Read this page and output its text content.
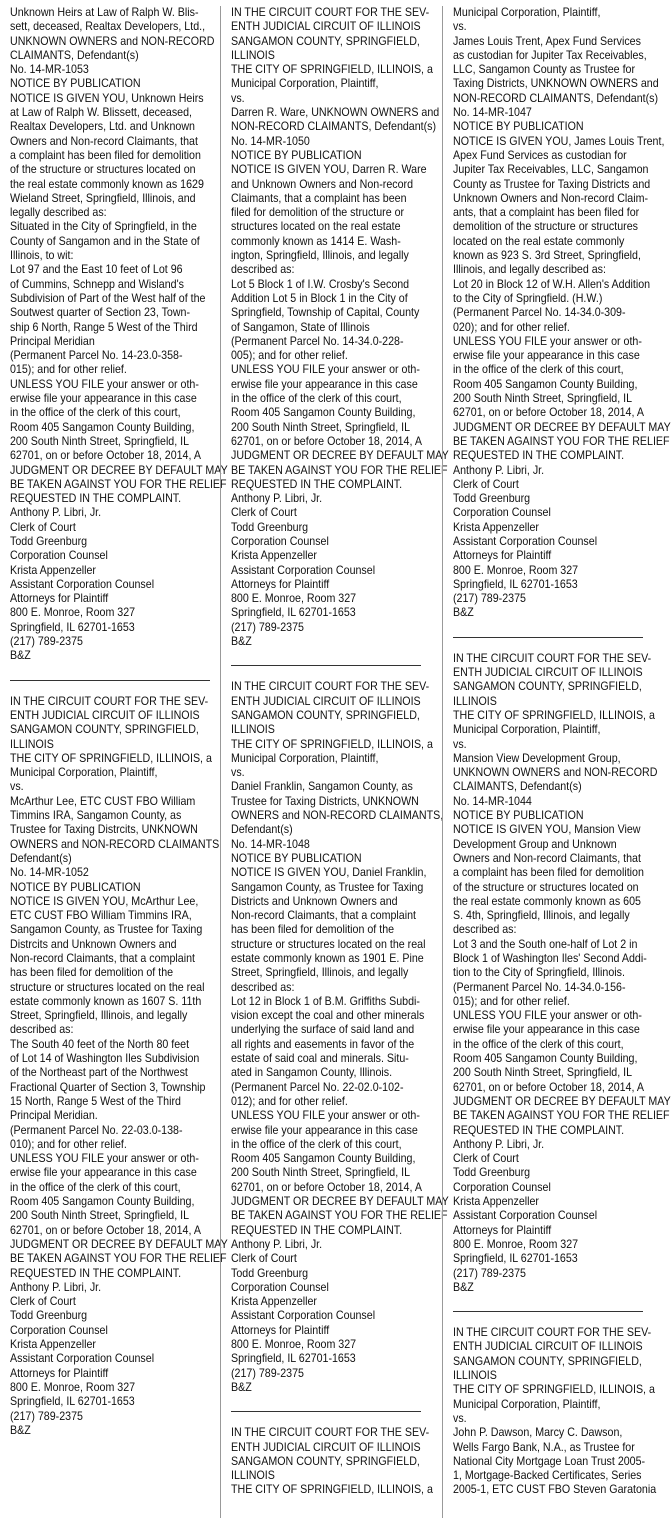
Unknown Heirs at Law of Ralph W. Blis-
sett, deceased, Realtax Developers, Ltd.,
UNKNOWN OWNERS and NON-RECORD
CLAIMANTS, Defendant(s)
No. 14-MR-1053
NOTICE BY PUBLICATION
NOTICE IS GIVEN YOU, Unknown Heirs
at Law of Ralph W. Blissett, deceased,
Realtax Developers, Ltd. and Unknown
Owners and Non-record Claimants, that
a complaint has been filed for demolition
of the structure or structures located on
the real estate commonly known as 1629
Wieland Street, Springfield, Illinois, and
legally described as:
Situated in the City of Springfield, in the
County of Sangamon and in the State of
Illinois, to wit:
Lot 97 and the East 10 feet of Lot 96
of Cummins, Schnepp and Wisland's
Subdivision of Part of the West half of the
Soutwest quarter of Section 23, Town-
ship 6 North, Range 5 West of the Third
Principal Meridian
(Permanent Parcel No. 14-23.0-358-
015); and for other relief.
UNLESS YOU FILE your answer or oth-
erwise file your appearance in this case
in the office of the clerk of this court,
Room 405 Sangamon County Building,
200 South Ninth Street, Springfield, IL
62701, on or before October 18, 2014, A
JUDGMENT OR DECREE BY DEFAULT MAY
BE TAKEN AGAINST YOU FOR THE RELIEF
REQUESTED IN THE COMPLAINT.
Anthony P. Libri, Jr.
Clerk of Court
Todd Greenburg
Corporation Counsel
Krista Appenzeller
Assistant Corporation Counsel
Attorneys for Plaintiff
800 E. Monroe, Room 327
Springfield, IL 62701-1653
(217) 789-2375
B&Z
IN THE CIRCUIT COURT FOR THE SEV-
ENTH JUDICIAL CIRCUIT OF ILLINOIS
SANGAMON COUNTY, SPRINGFIELD,
ILLINOIS
THE CITY OF SPRINGFIELD, ILLINOIS, a
Municipal Corporation, Plaintiff,
vs.
McArthur Lee, ETC CUST FBO William
Timmins IRA, Sangamon County, as
Trustee for Taxing Distrcits, UNKNOWN
OWNERS and NON-RECORD CLAIMANTS
Defendant(s)
No. 14-MR-1052
NOTICE BY PUBLICATION
NOTICE IS GIVEN YOU, McArthur Lee,
ETC CUST FBO William Timmins IRA,
Sangamon County, as Trustee for Taxing
Distrcits and Unknown Owners and
Non-record Claimants, that a complaint
has been filed for demolition of the
structure or structures located on the real
estate commonly known as 1607 S. 11th
Street, Springfield, Illinois, and legally
described as:
The South 40 feet of the North 80 feet
of Lot 14 of Washington Iles Subdivision
of the Northeast part of the Northwest
Fractional Quarter of Section 3, Township
15 North, Range 5 West of the Third
Principal Meridian.
(Permanent Parcel No. 22-03.0-138-
010); and for other relief.
UNLESS YOU FILE your answer or oth-
erwise file your appearance in this case
in the office of the clerk of this court,
Room 405 Sangamon County Building,
200 South Ninth Street, Springfield, IL
62701, on or before October 18, 2014, A
JUDGMENT OR DECREE BY DEFAULT MAY
BE TAKEN AGAINST YOU FOR THE RELIEF
REQUESTED IN THE COMPLAINT.
Anthony P. Libri, Jr.
Clerk of Court
Todd Greenburg
Corporation Counsel
Krista Appenzeller
Assistant Corporation Counsel
Attorneys for Plaintiff
800 E. Monroe, Room 327
Springfield, IL 62701-1653
(217) 789-2375
B&Z
IN THE CIRCUIT COURT FOR THE SEV-
ENTH JUDICIAL CIRCUIT OF ILLINOIS
SANGAMON COUNTY, SPRINGFIELD,
ILLINOIS
THE CITY OF SPRINGFIELD, ILLINOIS, a
Municipal Corporation, Plaintiff,
vs.
Darren R. Ware, UNKNOWN OWNERS and
NON-RECORD CLAIMANTS, Defendant(s)
No. 14-MR-1050
NOTICE BY PUBLICATION
NOTICE IS GIVEN YOU, Darren R. Ware
and Unknown Owners and Non-record
Claimants, that a complaint has been
filed for demolition of the structure or
structures located on the real estate
commonly known as 1414 E. Wash-
ington, Springfield, Illinois, and legally
described as:
Lot 5 Block 1 of I.W. Crosby's Second
Addition Lot 5 in Block 1 in the City of
Springfield, Township of Capital, County
of Sangamon, State of Illinois
(Permanent Parcel No. 14-34.0-228-
005); and for other relief.
UNLESS YOU FILE your answer or oth-
erwise file your appearance in this case
in the office of the clerk of this court,
Room 405 Sangamon County Building,
200 South Ninth Street, Springfield, IL
62701, on or before October 18, 2014, A
JUDGMENT OR DECREE BY DEFAULT MAY
BE TAKEN AGAINST YOU FOR THE RELIEF
REQUESTED IN THE COMPLAINT.
Anthony P. Libri, Jr.
Clerk of Court
Todd Greenburg
Corporation Counsel
Krista Appenzeller
Assistant Corporation Counsel
Attorneys for Plaintiff
800 E. Monroe, Room 327
Springfield, IL 62701-1653
(217) 789-2375
B&Z
IN THE CIRCUIT COURT FOR THE SEV-
ENTH JUDICIAL CIRCUIT OF ILLINOIS
SANGAMON COUNTY, SPRINGFIELD,
ILLINOIS
THE CITY OF SPRINGFIELD, ILLINOIS, a
Municipal Corporation, Plaintiff,
vs.
Daniel Franklin, Sangamon County, as
Trustee for Taxing Districts, UNKNOWN
OWNERS and NON-RECORD CLAIMANTS,
Defendant(s)
No. 14-MR-1048
NOTICE BY PUBLICATION
NOTICE IS GIVEN YOU, Daniel Franklin,
Sangamon County, as Trustee for Taxing
Districts and Unknown Owners and
Non-record Claimants, that a complaint
has been filed for demolition of the
structure or structures located on the real
estate commonly known as 1901 E. Pine
Street, Springfield, Illinois, and legally
described as:
Lot 12 in Block 1 of B.M. Griffiths Subdi-
vision except the coal and other minerals
underlying the surface of said land and
all rights and easements in favor of the
estate of said coal and minerals. Situ-
ated in Sangamon County, Illinois.
(Permanent Parcel No. 22-02.0-102-
012); and for other relief.
UNLESS YOU FILE your answer or oth-
erwise file your appearance in this case
in the office of the clerk of this court,
Room 405 Sangamon County Building,
200 South Ninth Street, Springfield, IL
62701, on or before October 18, 2014, A
JUDGMENT OR DECREE BY DEFAULT MAY
BE TAKEN AGAINST YOU FOR THE RELIEF
REQUESTED IN THE COMPLAINT.
Anthony P. Libri, Jr.
Clerk of Court
Todd Greenburg
Corporation Counsel
Krista Appenzeller
Assistant Corporation Counsel
Attorneys for Plaintiff
800 E. Monroe, Room 327
Springfield, IL 62701-1653
(217) 789-2375
B&Z
IN THE CIRCUIT COURT FOR THE SEV-
ENTH JUDICIAL CIRCUIT OF ILLINOIS
SANGAMON COUNTY, SPRINGFIELD,
ILLINOIS
THE CITY OF SPRINGFIELD, ILLINOIS, a
Municipal Corporation, Plaintiff,
vs.
James Louis Trent, Apex Fund Services
as custodian for Jupiter Tax Receivables,
LLC, Sangamon County as Trustee for
Taxing Districts, UNKNOWN OWNERS and
NON-RECORD CLAIMANTS, Defendant(s)
No. 14-MR-1047
NOTICE BY PUBLICATION
NOTICE IS GIVEN YOU, James Louis Trent,
Apex Fund Services as custodian for
Jupiter Tax Receivables, LLC, Sangamon
County as Trustee for Taxing Districts and
Unknown Owners and Non-record Claim-
ants, that a complaint has been filed for
demolition of the structure or structures
located on the real estate commonly
known as 923 S. 3rd Street, Springfield,
Illinois, and legally described as:
Lot 20 in Block 12 of W.H. Allen's Addition
to the City of Springfield. (H.W.)
(Permanent Parcel No. 14-34.0-309-
020); and for other relief.
UNLESS YOU FILE your answer or oth-
erwise file your appearance in this case
in the office of the clerk of this court,
Room 405 Sangamon County Building,
200 South Ninth Street, Springfield, IL
62701, on or before October 18, 2014, A
JUDGMENT OR DECREE BY DEFAULT MAY
BE TAKEN AGAINST YOU FOR THE RELIEF
REQUESTED IN THE COMPLAINT.
Anthony P. Libri, Jr.
Clerk of Court
Todd Greenburg
Corporation Counsel
Krista Appenzeller
Assistant Corporation Counsel
Attorneys for Plaintiff
800 E. Monroe, Room 327
Springfield, IL 62701-1653
(217) 789-2375
B&Z
IN THE CIRCUIT COURT FOR THE SEV-
ENTH JUDICIAL CIRCUIT OF ILLINOIS
SANGAMON COUNTY, SPRINGFIELD,
ILLINOIS
THE CITY OF SPRINGFIELD, ILLINOIS, a
Municipal Corporation, Plaintiff,
vs.
Mansion View Development Group,
UNKNOWN OWNERS and NON-RECORD
CLAIMANTS, Defendant(s)
No. 14-MR-1044
NOTICE BY PUBLICATION
NOTICE IS GIVEN YOU, Mansion View
Development Group and Unknown
Owners and Non-record Claimants, that
a complaint has been filed for demolition
of the structure or structures located on
the real estate commonly known as 605
S. 4th, Springfield, Illinois, and legally
described as:
Lot 3 and the South one-half of Lot 2 in
Block 1 of Washington Iles' Second Addi-
tion to the City of Springfield, Illinois.
(Permanent Parcel No. 14-34.0-156-
015); and for other relief.
UNLESS YOU FILE your answer or oth-
erwise file your appearance in this case
in the office of the clerk of this court,
Room 405 Sangamon County Building,
200 South Ninth Street, Springfield, IL
62701, on or before October 18, 2014, A
JUDGMENT OR DECREE BY DEFAULT MAY
BE TAKEN AGAINST YOU FOR THE RELIEF
REQUESTED IN THE COMPLAINT.
Anthony P. Libri, Jr.
Clerk of Court
Todd Greenburg
Corporation Counsel
Krista Appenzeller
Assistant Corporation Counsel
Attorneys for Plaintiff
800 E. Monroe, Room 327
Springfield, IL 62701-1653
(217) 789-2375
B&Z
IN THE CIRCUIT COURT FOR THE SEV-
ENTH JUDICIAL CIRCUIT OF ILLINOIS
SANGAMON COUNTY, SPRINGFIELD,
ILLINOIS
THE CITY OF SPRINGFIELD, ILLINOIS, a
Municipal Corporation, Plaintiff,
vs.
John P. Dawson, Marcy C. Dawson,
Wells Fargo Bank, N.A., as Trustee for
National City Mortgage Loan Trust 2005-
1, Mortgage-Backed Certificates, Series
2005-1, ETC CUST FBO Steven Garatonia
